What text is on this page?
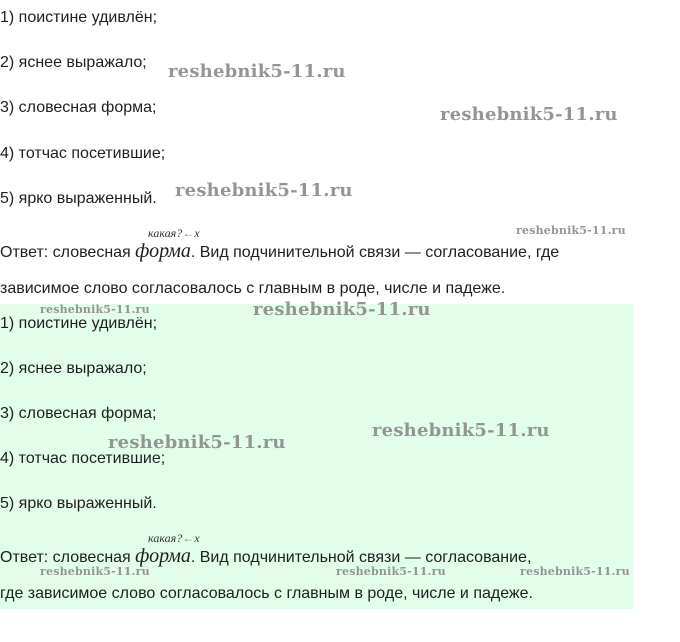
1) поистине удивлён;
2) яснее выражало;
3) словесная форма;
4) тотчас посетившие;
5) ярко выраженный.
какая?←x
Ответ: словесная форма. Вид подчинительной связи — согласование, где
зависимое слово согласовалось с главным в роде, числе и падеже.
1) поистине удивлён;
2) яснее выражало;
3) словесная форма;
4) тотчас посетившие;
5) ярко выраженный.
какая?←x
Ответ: словесная форма. Вид подчинительной связи — согласование,
где зависимое слово согласовалось с главным в роде, числе и падеже.
reshebnik5-11.ru
reshebnik5-11.ru
reshebnik5-11.ru
reshebnik5-11.ru
reshebnik5-11.ru	reshebnik5-11.ru
reshebnik5-11.ru
reshebnik5-11.ru
reshebnik5-11.ru	reshebnik5-11.ru	reshebnik5-11.ru
